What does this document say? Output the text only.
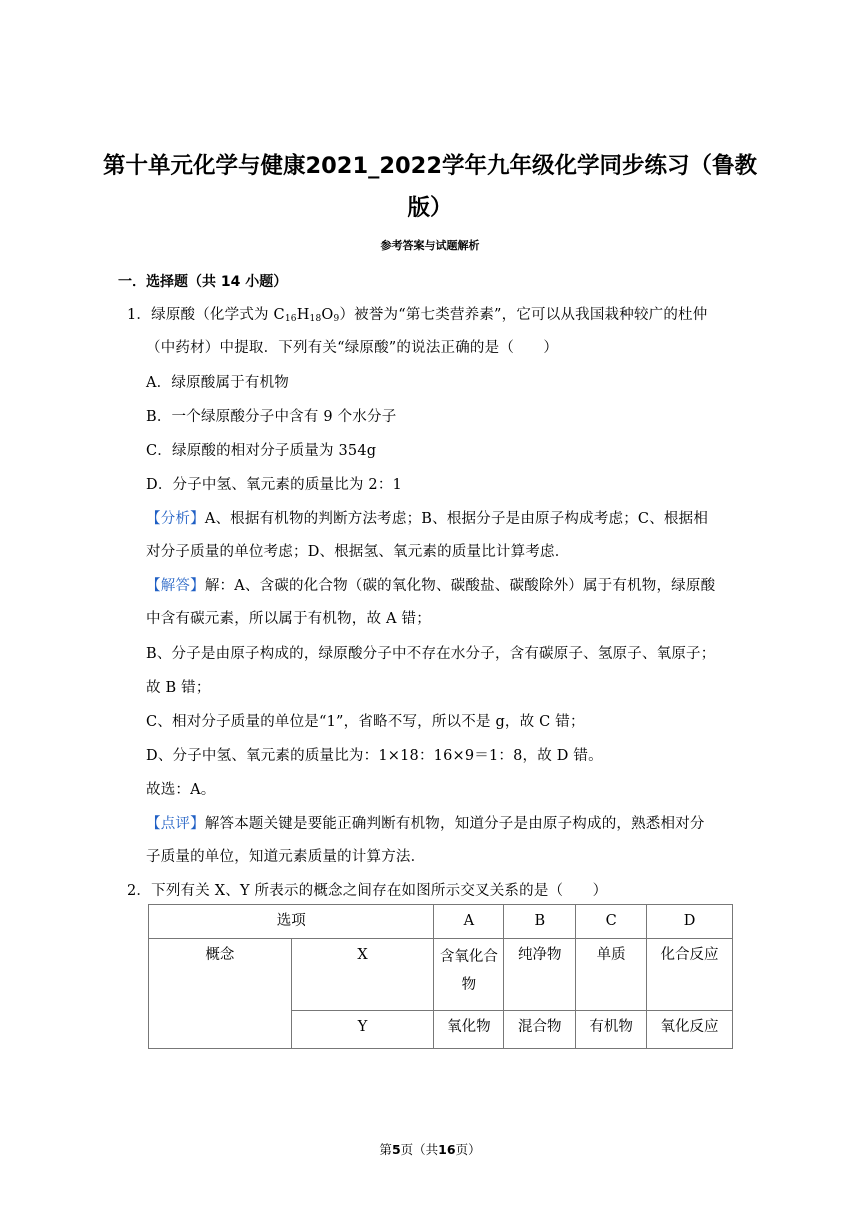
第十单元化学与健康2021_2022学年九年级化学同步练习（鲁教
版）
参考答案与试题解析
一．选择题（共 14 小题）
1．绿原酸（化学式为 $C_{16}H_{18}O_9$）被誉为“第七类营养素”，它可以从我国栽种较广的杜仲
（中药材）中提取．下列有关“绿原酸”的说法正确的是（　　）
A．绿原酸属于有机物
B．一个绿原酸分子中含有 9 个水分子
C．绿原酸的相对分子质量为 354g
D．分子中氢、氧元素的质量比为 2：1
【分析】A、根据有机物的判断方法考虑；B、根据分子是由原子构成考虑；C、根据相
对分子质量的单位考虑；D、根据氢、氧元素的质量比计算考虑．
【解答】解：A、含碳的化合物（碳的氧化物、碳酸盐、碳酸除外）属于有机物，绿原酸
中含有碳元素，所以属于有机物，故 A 错；
B、分子是由原子构成的，绿原酸分子中不存在水分子，含有碳原子、氢原子、氧原子；
故 B 错；
C、相对分子质量的单位是“1”，省略不写，所以不是 g，故 C 错；
D、分子中氢、氧元素的质量比为：1×18：16×9＝1：8，故 D 错。
故选：A。
【点评】解答本题关键是要能正确判断有机物，知道分子是由原子构成的，熟悉相对分
子质量的单位，知道元素质量的计算方法．
2．下列有关 X、Y 所表示的概念之间存在如图所示交叉关系的是（　　）
选项		A	B	C	D
概念	X	含氧化合物	纯净物	单质	化合反应
	Y	氧化物	混合物	有机物	氧化反应
第5页（共16页）
